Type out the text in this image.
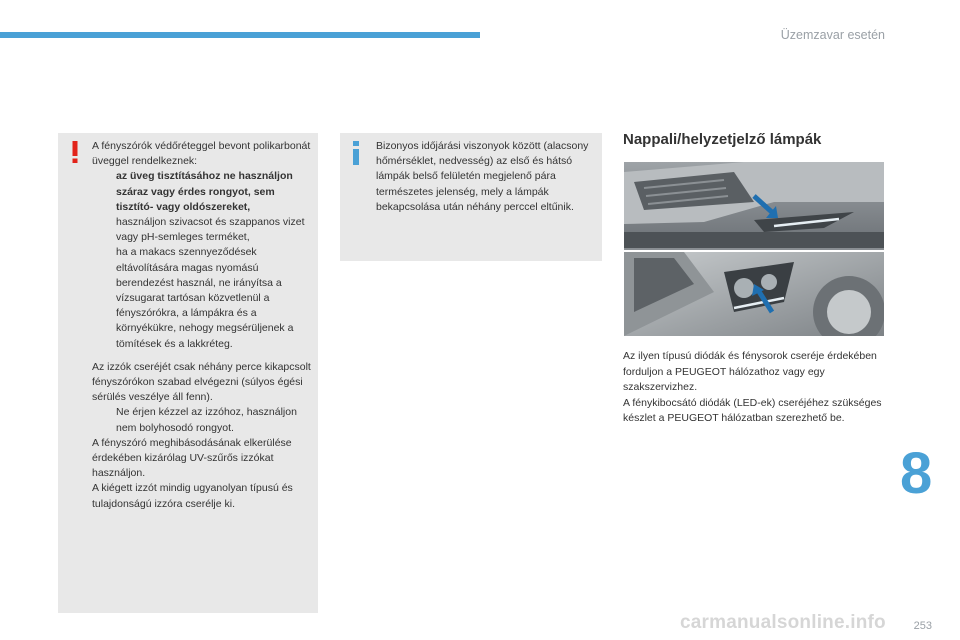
Üzemzavar esetén
A fényszórók védőréteggel bevont polikarbonát üveggel rendelkeznek:
az üveg tisztításához ne használjon száraz vagy érdes rongyot, sem tisztító- vagy oldószereket,
használjon szivacsot és szappanos vizet vagy pH-semleges terméket,
ha a makacs szennyeződések eltávolítására magas nyomású berendezést használ, ne irányítsa a vízsugarat tartósan közvetlenül a fényszórókra, a lámpákra és a környékükre, nehogy megsérüljenek a tömítések és a lakkréteg.
Az izzók cseréjét csak néhány perce kikapcsolt fényszórókon szabad elvégezni (súlyos égési sérülés veszélye áll fenn).
Ne érjen kézzel az izzóhoz, használjon nem bolyhosodó rongyot.
A fényszóró meghibásodásának elkerülése érdekében kizárólag UV-szűrős izzókat használjon.
A kiégett izzót mindig ugyanolyan típusú és tulajdonságú izzóra cserélje ki.
Bizonyos időjárási viszonyok között (alacsony hőmérséklet, nedvesség) az első és hátsó lámpák belső felületén megjelenő pára természetes jelenség, mely a lámpák bekapcsolása után néhány perccel eltűnik.
Nappali/helyzetjelző lámpák
Az ilyen típusú diódák és fénysorok cseréje érdekében forduljon a PEUGEOT hálózathoz vagy egy szakszervizhez.
A fénykibocsátó diódák (LED-ek) cseréjéhez szükséges készlet a PEUGEOT hálózatban szerezhető be.
8
carmanualsonline.info	253
